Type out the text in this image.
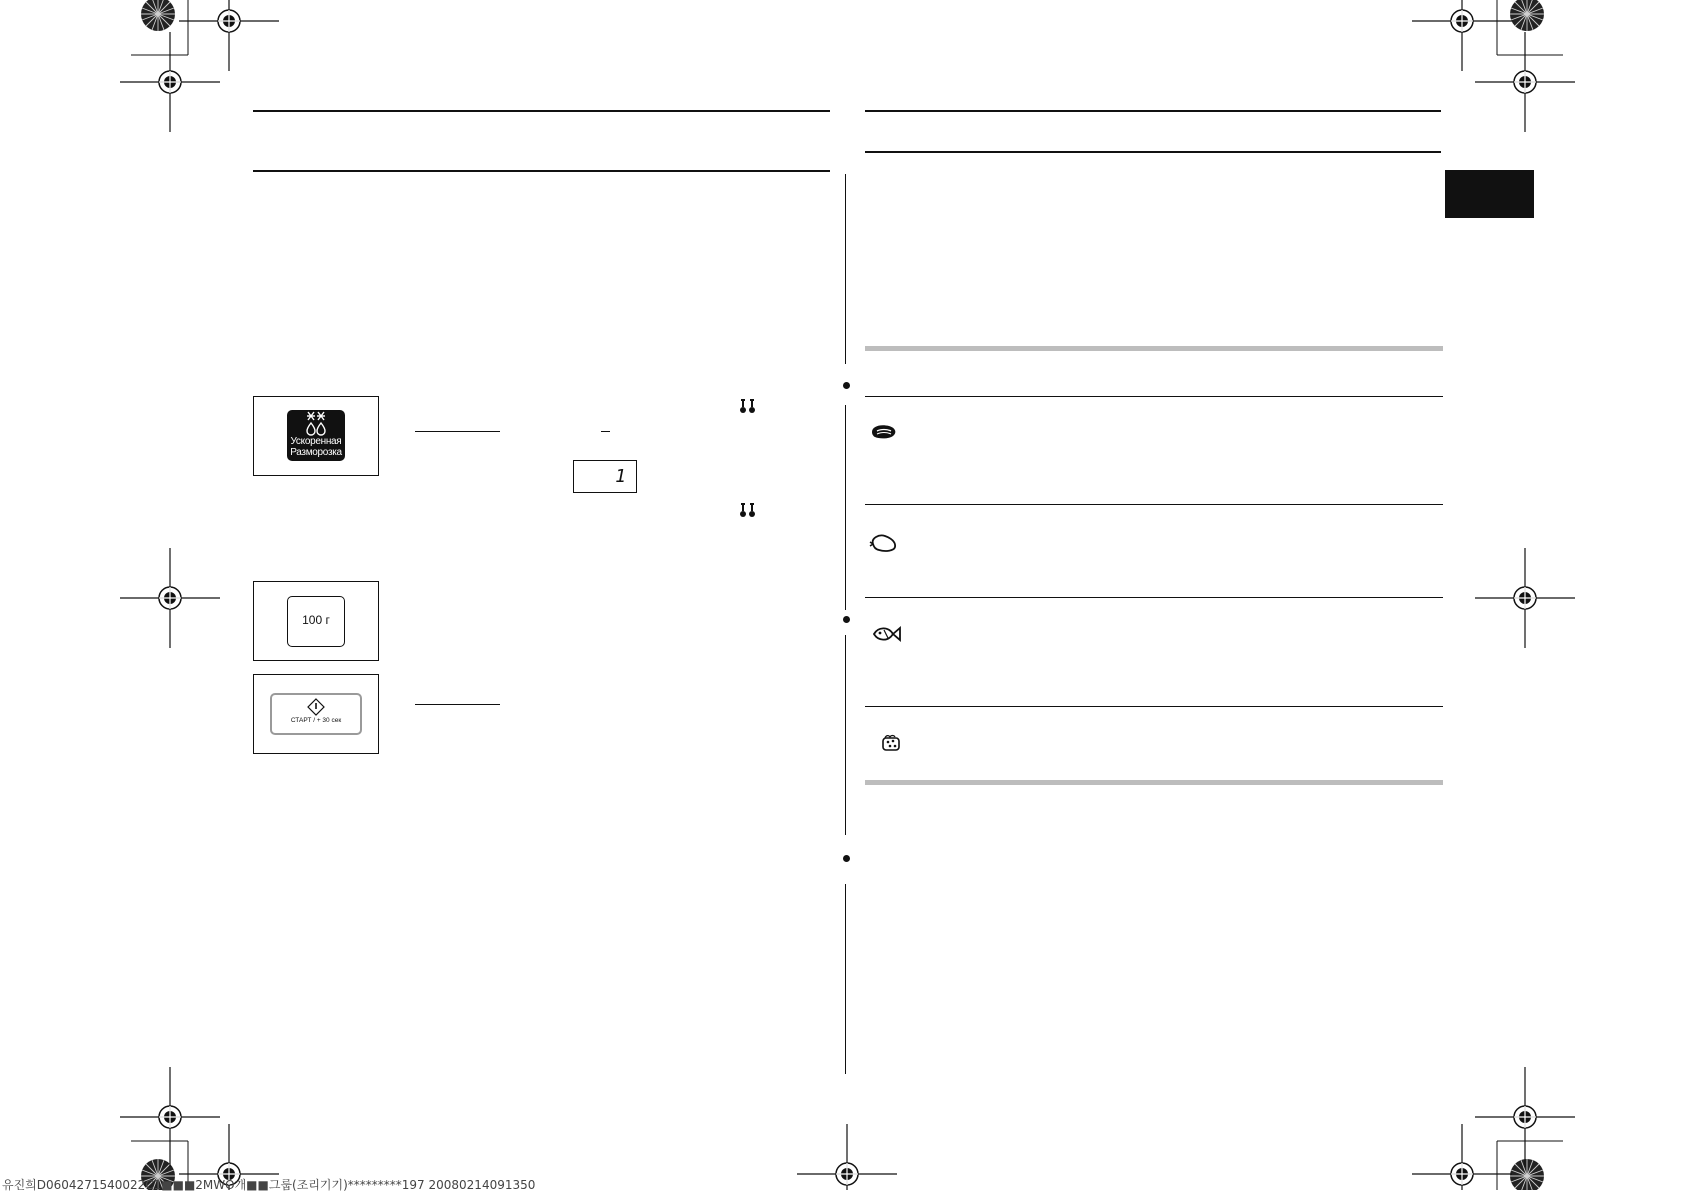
Ускоренная
Разморозка
1
100 г
СТАРТ / + 30 сек
유진희D0604271540022C1■■■2MWO개■■그룹(조리기기)*********197 20080214091350
